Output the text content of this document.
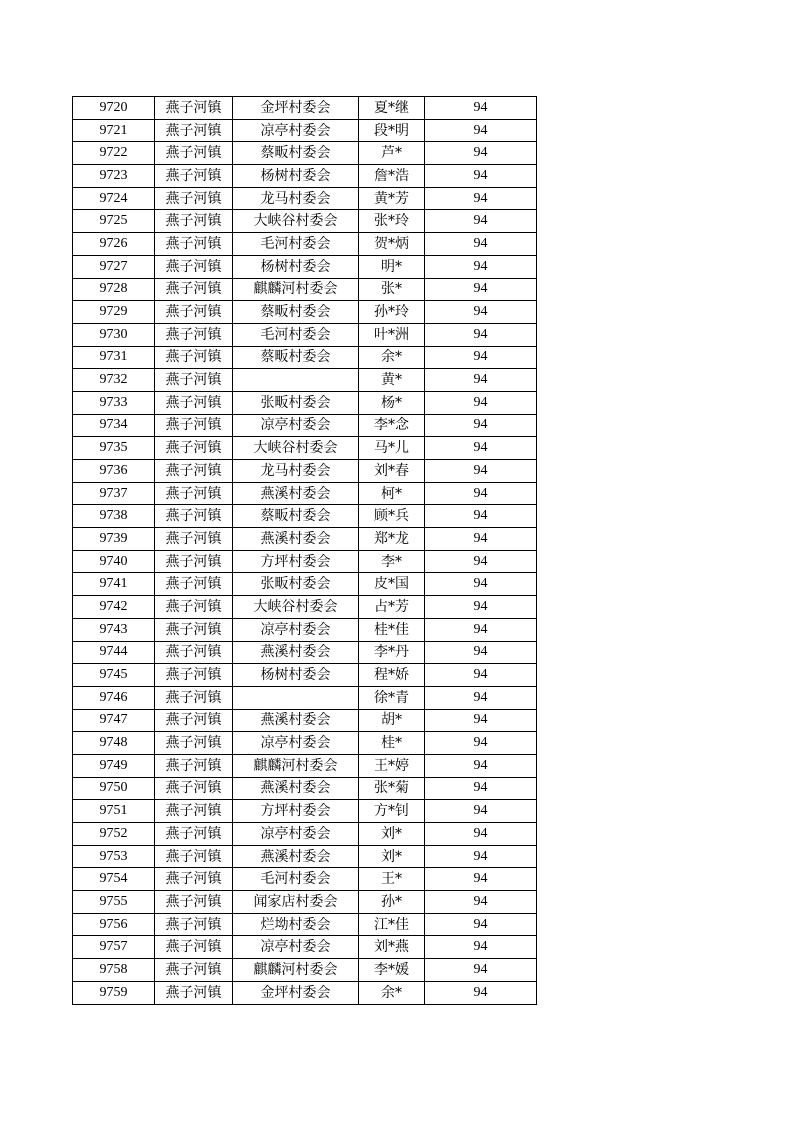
9720	燕子河镇	金坪村委会	夏*继	94
9721	燕子河镇	凉亭村委会	段*明	94
9722	燕子河镇	蔡畈村委会	芦*	94
9723	燕子河镇	杨树村委会	詹*浩	94
9724	燕子河镇	龙马村委会	黄*芳	94
9725	燕子河镇	大峡谷村委会	张*玲	94
9726	燕子河镇	毛河村委会	贺*炳	94
9727	燕子河镇	杨树村委会	明*	94
9728	燕子河镇	麒麟河村委会	张*	94
9729	燕子河镇	蔡畈村委会	孙*玲	94
9730	燕子河镇	毛河村委会	叶*洲	94
9731	燕子河镇	蔡畈村委会	余*	94
9732	燕子河镇		黄*	94
9733	燕子河镇	张畈村委会	杨*	94
9734	燕子河镇	凉亭村委会	李*念	94
9735	燕子河镇	大峡谷村委会	马*儿	94
9736	燕子河镇	龙马村委会	刘*春	94
9737	燕子河镇	燕溪村委会	柯*	94
9738	燕子河镇	蔡畈村委会	顾*兵	94
9739	燕子河镇	燕溪村委会	郑*龙	94
9740	燕子河镇	方坪村委会	李*	94
9741	燕子河镇	张畈村委会	皮*国	94
9742	燕子河镇	大峡谷村委会	占*芳	94
9743	燕子河镇	凉亭村委会	桂*佳	94
9744	燕子河镇	燕溪村委会	李*丹	94
9745	燕子河镇	杨树村委会	程*娇	94
9746	燕子河镇		徐*青	94
9747	燕子河镇	燕溪村委会	胡*	94
9748	燕子河镇	凉亭村委会	桂*	94
9749	燕子河镇	麒麟河村委会	王*婷	94
9750	燕子河镇	燕溪村委会	张*菊	94
9751	燕子河镇	方坪村委会	方*钊	94
9752	燕子河镇	凉亭村委会	刘*	94
9753	燕子河镇	燕溪村委会	刘*	94
9754	燕子河镇	毛河村委会	王*	94
9755	燕子河镇	闻家店村委会	孙*	94
9756	燕子河镇	烂坳村委会	江*佳	94
9757	燕子河镇	凉亭村委会	刘*燕	94
9758	燕子河镇	麒麟河村委会	李*媛	94
9759	燕子河镇	金坪村委会	余*	94
